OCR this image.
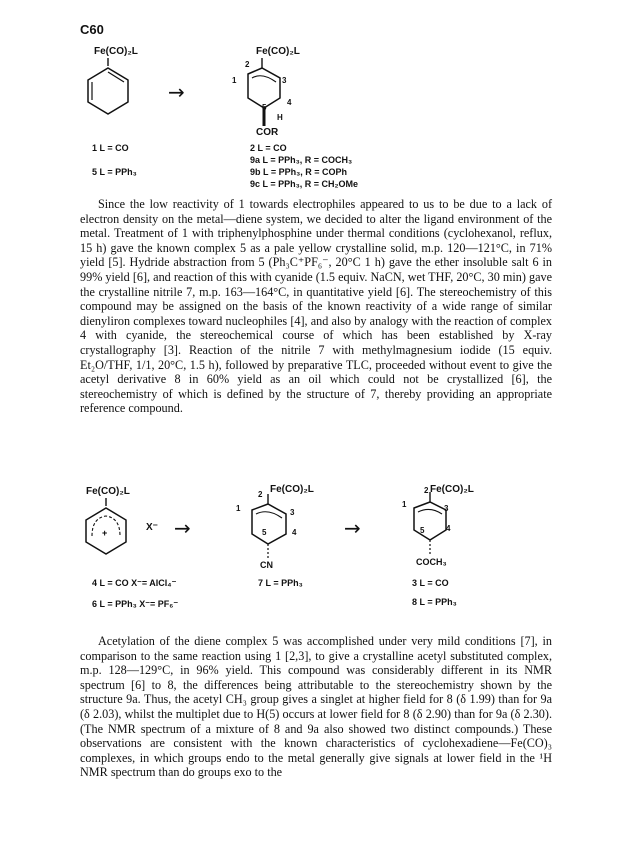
C60
Fe(CO)₂L
→
Fe(CO)₂L
2
1	3
5
4
H
COR
1 L = CO
5 L = PPh₃
2 L = CO
9a L = PPh₃, R = COCH₃
9b L = PPh₃, R = COPh
9c L = PPh₃, R = CH₂OMe

Since the low reactivity of 1 towards electrophiles appeared to us to be due to a lack of electron density on the metal—diene system, we decided to alter the ligand environment of the metal. Treatment of 1 with triphenylphosphine under thermal conditions (cyclohexanol, reflux, 15 h) gave the known complex 5 as a pale yellow crystalline solid, m.p. 120—121°C, in 71% yield [5]. Hydride abstraction from 5 (Ph₃C⁺PF₆⁻, 20°C 1 h) gave the ether insoluble salt 6 in 99% yield [6], and reaction of this with cyanide (1.5 equiv. NaCN, wet THF, 20°C, 30 min) gave the crystalline nitrile 7, m.p. 163—164°C, in quantitative yield [6]. The stereochemistry of this compound may be assigned on the basis of the known reactivity of a wide range of similar dienyliron complexes toward nucleophiles [4], and also by analogy with the reaction of complex 4 with cyanide, the stereochemical course of which has been established by X-ray crystallography [3]. Reaction of the nitrile 7 with methylmagnesium iodide (15 equiv. Et₂O/THF, 1/1, 20°C, 1.5 h), followed by preparative TLC, proceeded without event to give the acetyl derivative 8 in 60% yield as an oil which could not be crystallized [6], the stereochemistry of which is defined by the structure of 7, thereby providing an appropriate reference compound.

Fe(CO)₂L
+	X⁻ →
Fe(CO)₂L
2
1	3
5	4
CN
→
Fe(CO)₂L
2
1	3
5	4
COCH₃
4 L = CO X⁻= AlCl₄⁻
6 L = PPh₃ X⁻= PF₆⁻
7 L = PPh₃	3 L = CO
8 L = PPh₃

Acetylation of the diene complex 5 was accomplished under very mild conditions [7], in comparison to the same reaction using 1 [2,3], to give a crystalline acetyl substituted complex, m.p. 128—129°C, in 96% yield. This compound was considerably different in its NMR spectrum [6] to 8, the differences being attributable to the stereochemistry shown by the structure 9a. Thus, the acetyl CH₃ group gives a singlet at higher field for 8 (δ 1.99) than for 9a (δ 2.03), whilst the multiplet due to H(5) occurs at lower field for 8 (δ 2.90) than for 9a (δ 2.30). (The NMR spectrum of a mixture of 8 and 9a also showed two distinct compounds.) These observations are consistent with the known characteristics of cyclohexadiene—Fe(CO)₃ complexes, in which groups endo to the metal generally give signals at lower field in the ¹H NMR spectrum than do groups exo to the
